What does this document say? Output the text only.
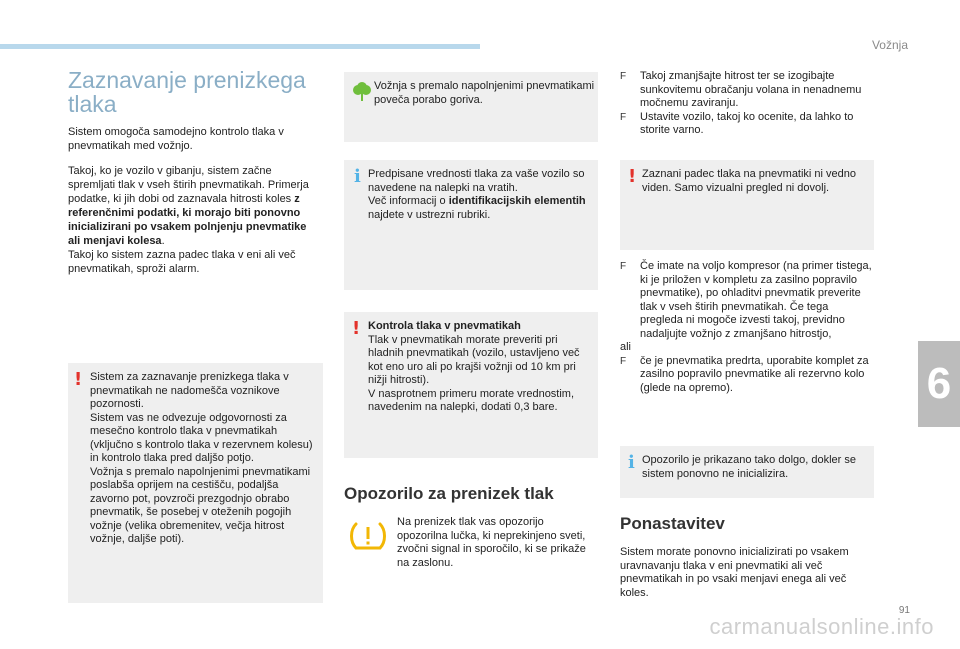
Vožnja
6
91
carmanualsonline.info
Zaznavanje prenizkega tlaka
Sistem omogoča samodejno kontrolo tlaka v pnevmatikah med vožnjo.
Takoj, ko je vozilo v gibanju, sistem začne spremljati tlak v vseh štirih pnevmatikah. Primerja podatke, ki jih dobi od zaznavala hitrosti koles z referenčnimi podatki, ki morajo biti ponovno inicializirani po vsakem polnjenju pnevmatike ali menjavi kolesa.
Takoj ko sistem zazna padec tlaka v eni ali več pnevmatikah, sproži alarm.
! Sistem za zaznavanje prenizkega tlaka v pnevmatikah ne nadomešča voznikove pozornosti.
Sistem vas ne odvezuje odgovornosti za mesečno kontrolo tlaka v pnevmatikah (vključno s kontrolo tlaka v rezervnem kolesu) in kontrolo tlaka pred daljšo potjo.
Vožnja s premalo napolnjenimi pnevmatikami poslabša oprijem na cestišču, podaljša zavorno pot, povzroči prezgodnjo obrabo pnevmatik, še posebej v oteženih pogojih vožnje (velika obremenitev, večja hitrost vožnje, daljše poti).
Vožnja s premalo napolnjenimi pnevmatikami poveča porabo goriva.
i Predpisane vrednosti tlaka za vaše vozilo so navedene na nalepki na vratih.
Več informacij o identifikacijskih elementih najdete v ustrezni rubriki.
! Kontrola tlaka v pnevmatikah
Tlak v pnevmatikah morate preveriti pri hladnih pnevmatikah (vozilo, ustavljeno več kot eno uro ali po krajši vožnji od 10 km pri nižji hitrosti).
V nasprotnem primeru morate vrednostim, navedenim na nalepki, dodati 0,3 bare.
Opozorilo za prenizek tlak
Na prenizek tlak vas opozorijo opozorilna lučka, ki neprekinjeno sveti, zvočni signal in sporočilo, ki se prikaže na zaslonu.
F Takoj zmanjšajte hitrost ter se izogibajte sunkovitemu obračanju volana in nenadnemu močnemu zaviranju.
F Ustavite vozilo, takoj ko ocenite, da lahko to storite varno.
! Zaznani padec tlaka na pnevmatiki ni vedno viden. Samo vizualni pregled ni dovolj.
F Če imate na voljo kompresor (na primer tistega, ki je priložen v kompletu za zasilno popravilo pnevmatike), po ohladitvi pnevmatik preverite tlak v vseh štirih pnevmatikah. Če tega pregleda ni mogoče izvesti takoj, previdno nadaljujte vožnjo z zmanjšano hitrostjo,
ali
F če je pnevmatika predrta, uporabite komplet za zasilno popravilo pnevmatike ali rezervno kolo (glede na opremo).
i Opozorilo je prikazano tako dolgo, dokler se sistem ponovno ne inicializira.
Ponastavitev
Sistem morate ponovno inicializirati po vsakem uravnavanju tlaka v eni pnevmatiki ali več pnevmatikah in po vsaki menjavi enega ali več koles.
